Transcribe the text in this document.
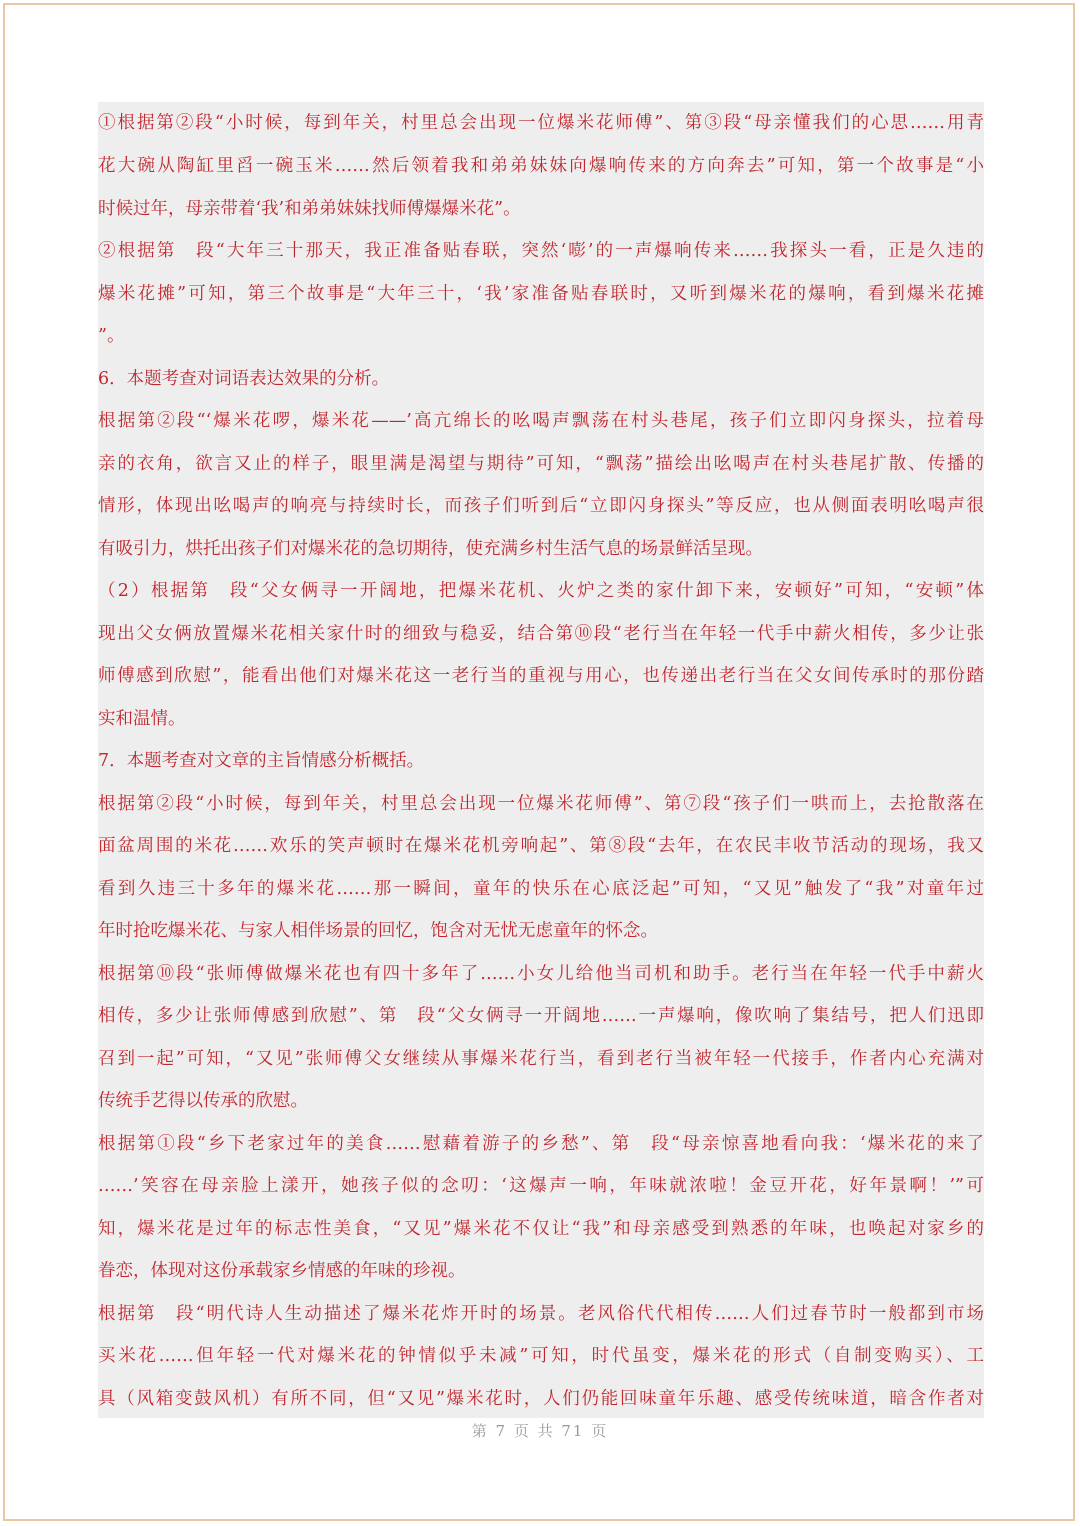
①根据第②段“小时候，每到年关，村里总会出现一位爆米花师傅”、第③段“母亲懂我们的心思……用青
花大碗从陶缸里舀一碗玉米……然后领着我和弟弟妹妹向爆响传来的方向奔去”可知，第一个故事是“小
时候过年，母亲带着‘我’和弟弟妹妹找师傅爆爆米花”。
②根据第　段“大年三十那天，我正准备贴春联，突然‘嘭’的一声爆响传来……我探头一看，正是久违的
爆米花摊”可知，第三个故事是“大年三十，‘我’家准备贴春联时，又听到爆米花的爆响，看到爆米花摊
”。
6．本题考查对词语表达效果的分析。
根据第②段“‘爆米花啰，爆米花——’高亢绵长的吆喝声飘荡在村头巷尾，孩子们立即闪身探头，拉着母
亲的衣角，欲言又止的样子，眼里满是渴望与期待”可知，“飘荡”描绘出吆喝声在村头巷尾扩散、传播的
情形，体现出吆喝声的响亮与持续时长，而孩子们听到后“立即闪身探头”等反应，也从侧面表明吆喝声很
有吸引力，烘托出孩子们对爆米花的急切期待，使充满乡村生活气息的场景鲜活呈现。
（2）根据第　段“父女俩寻一开阔地，把爆米花机、火炉之类的家什卸下来，安顿好”可知，“安顿”体
现出父女俩放置爆米花相关家什时的细致与稳妥，结合第⑩段“老行当在年轻一代手中薪火相传，多少让张
师傅感到欣慰”，能看出他们对爆米花这一老行当的重视与用心，也传递出老行当在父女间传承时的那份踏
实和温情。
7．本题考查对文章的主旨情感分析概括。
根据第②段“小时候，每到年关，村里总会出现一位爆米花师傅”、第⑦段“孩子们一哄而上，去抢散落在
面盆周围的米花……欢乐的笑声顿时在爆米花机旁响起”、第⑧段“去年，在农民丰收节活动的现场，我又
看到久违三十多年的爆米花……那一瞬间，童年的快乐在心底泛起”可知，“又见”触发了“我”对童年过
年时抢吃爆米花、与家人相伴场景的回忆，饱含对无忧无虑童年的怀念。
根据第⑩段“张师傅做爆米花也有四十多年了……小女儿给他当司机和助手。老行当在年轻一代手中薪火
相传，多少让张师傅感到欣慰”、第　段“父女俩寻一开阔地……一声爆响，像吹响了集结号，把人们迅即
召到一起”可知，“又见”张师傅父女继续从事爆米花行当，看到老行当被年轻一代接手，作者内心充满对
传统手艺得以传承的欣慰。
根据第①段“乡下老家过年的美食……慰藉着游子的乡愁”、第　段“母亲惊喜地看向我：‘爆米花的来了
……’笑容在母亲脸上漾开，她孩子似的念叨：‘这爆声一响，年味就浓啦！金豆开花，好年景啊！’”可
知，爆米花是过年的标志性美食，“又见”爆米花不仅让“我”和母亲感受到熟悉的年味，也唤起对家乡的
眷恋，体现对这份承载家乡情感的年味的珍视。
根据第　段“明代诗人生动描述了爆米花炸开时的场景。老风俗代代相传……人们过春节时一般都到市场
买米花……但年轻一代对爆米花的钟情似乎未减”可知，时代虽变，爆米花的形式（自制变购买）、工
具（风箱变鼓风机）有所不同，但“又见”爆米花时，人们仍能回味童年乐趣、感受传统味道，暗含作者对
第 7 页 共 71 页
